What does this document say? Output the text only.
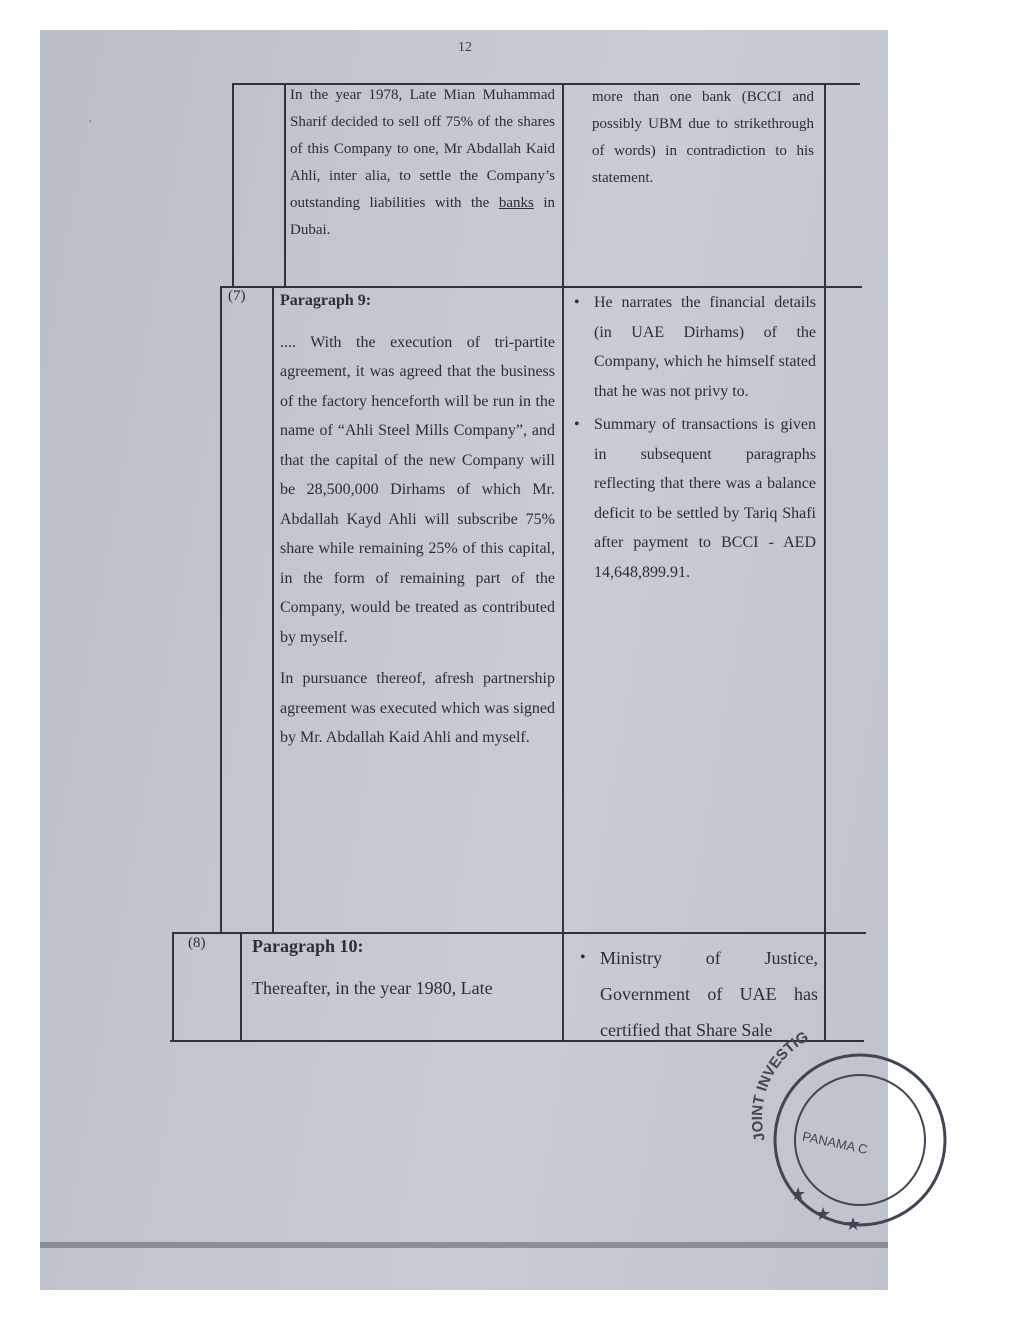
12
In the year 1978, Late Mian Muhammad Sharif decided to sell off 75% of the shares of this Company to one, Mr Abdallah Kaid Ahli, inter alia, to settle the Company’s outstanding liabilities with the banks in Dubai.
more than one bank (BCCI and possibly UBM due to strikethrough of words) in contradiction to his statement.
(7) Paragraph 9:

.... With the execution of tri-partite agreement, it was agreed that the business of the factory henceforth will be run in the name of “Ahli Steel Mills Company”, and that the capital of the new Company will be 28,500,000 Dirhams of which Mr. Abdallah Kayd Ahli will subscribe 75% share while remaining 25% of this capital, in the form of remaining part of the Company, would be treated as contributed by myself.

In pursuance thereof, afresh partnership agreement was executed which was signed by Mr. Abdallah Kaid Ahli and myself.

• He narrates the financial details (in UAE Dirhams) of the Company, which he himself stated that he was not privy to.
• Summary of transactions is given in subsequent paragraphs reflecting that there was a balance deficit to be settled by Tariq Shafi after payment to BCCI - AED 14,648,899.91.
(8)	Paragraph 10:

Thereafter, in the year 1980, Late

• Ministry of Justice, Government of UAE has certified that Share Sale
·
JOINT INVESTIG
PANAMA C
★
★ ★
